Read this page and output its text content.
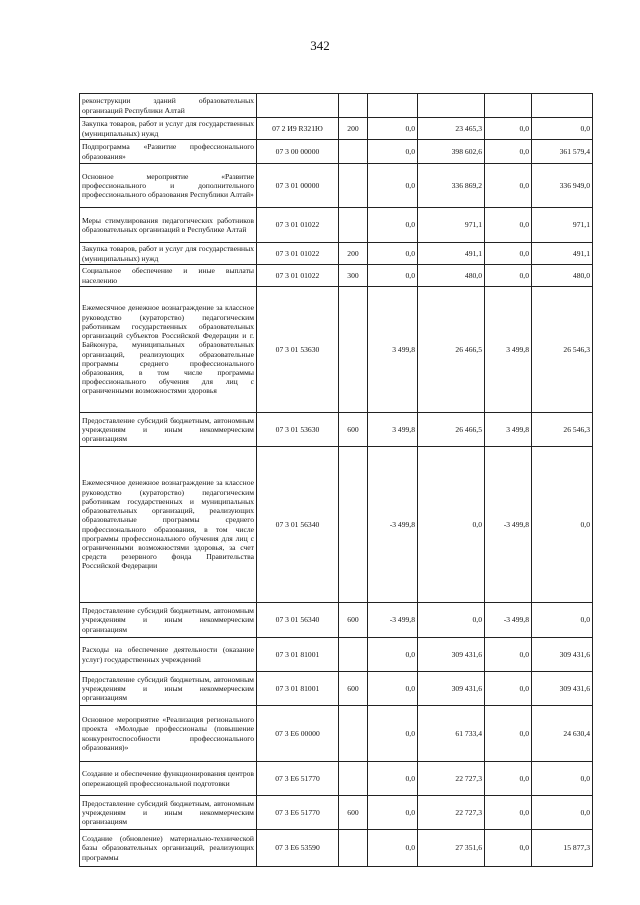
342
реконструкции зданий образовательных организаций Республики Алтай						
Закупка товаров, работ и услуг для государственных (муниципальных) нужд	07 2 И9 R321Ю	200	0,0	23 465,3	0,0	0,0
Подпрограмма «Развитие профессионального образования»	07 3 00 00000		0,0	398 602,6	0,0	361 579,4
Основное мероприятие «Развитие профессионального и дополнительного профессионального образования Республики Алтай»	07 3 01 00000		0,0	336 869,2	0,0	336 949,0
Меры стимулирования педагогических работников образовательных организаций в Республике Алтай	07 3 01 01022		0,0	971,1	0,0	971,1
Закупка товаров, работ и услуг для государственных (муниципальных) нужд	07 3 01 01022	200	0,0	491,1	0,0	491,1
Социальное обеспечение и иные выплаты населению	07 3 01 01022	300	0,0	480,0	0,0	480,0
Ежемесячное денежное вознаграждение за классное руководство (кураторство) педагогическим работникам государственных образовательных организаций субъектов Российской Федерации и г. Байконура, муниципальных образовательных организаций, реализующих образовательные программы среднего профессионального образования, в том числе программы профессионального обучения для лиц с ограниченными возможностями здоровья	07 3 01 53630		3 499,8	26 466,5	3 499,8	26 546,3
Предоставление субсидий бюджетным, автономным учреждениям и иным некоммерческим организациям	07 3 01 53630	600	3 499,8	26 466,5	3 499,8	26 546,3
Ежемесячное денежное вознаграждение за классное руководство (кураторство) педагогическим работникам государственных и муниципальных образовательных организаций, реализующих образовательные программы среднего профессионального образования, в том числе программы профессионального обучения для лиц с ограниченными возможностями здоровья, за счет средств резервного фонда Правительства Российской Федерации	07 3 01 56340		-3 499,8	0,0	-3 499,8	0,0
Предоставление субсидий бюджетным, автономным учреждениям и иным некоммерческим организациям	07 3 01 56340	600	-3 499,8	0,0	-3 499,8	0,0
Расходы на обеспечение деятельности (оказание услуг) государственных учреждений	07 3 01 81001		0,0	309 431,6	0,0	309 431,6
Предоставление субсидий бюджетным, автономным учреждениям и иным некоммерческим организациям	07 3 01 81001	600	0,0	309 431,6	0,0	309 431,6
Основное мероприятие «Реализация регионального проекта «Молодые профессионалы (повышение конкурентоспособности профессионального образования)»	07 3 E6 00000		0,0	61 733,4	0,0	24 630,4
Создание и обеспечение функционирования центров опережающей профессиональной подготовки	07 3 E6 51770		0,0	22 727,3	0,0	0,0
Предоставление субсидий бюджетным, автономным учреждениям и иным некоммерческим организациям	07 3 E6 51770	600	0,0	22 727,3	0,0	0,0
Создание (обновление) материально-технической базы образовательных организаций, реализующих программы	07 3 E6 53590		0,0	27 351,6	0,0	15 877,3
